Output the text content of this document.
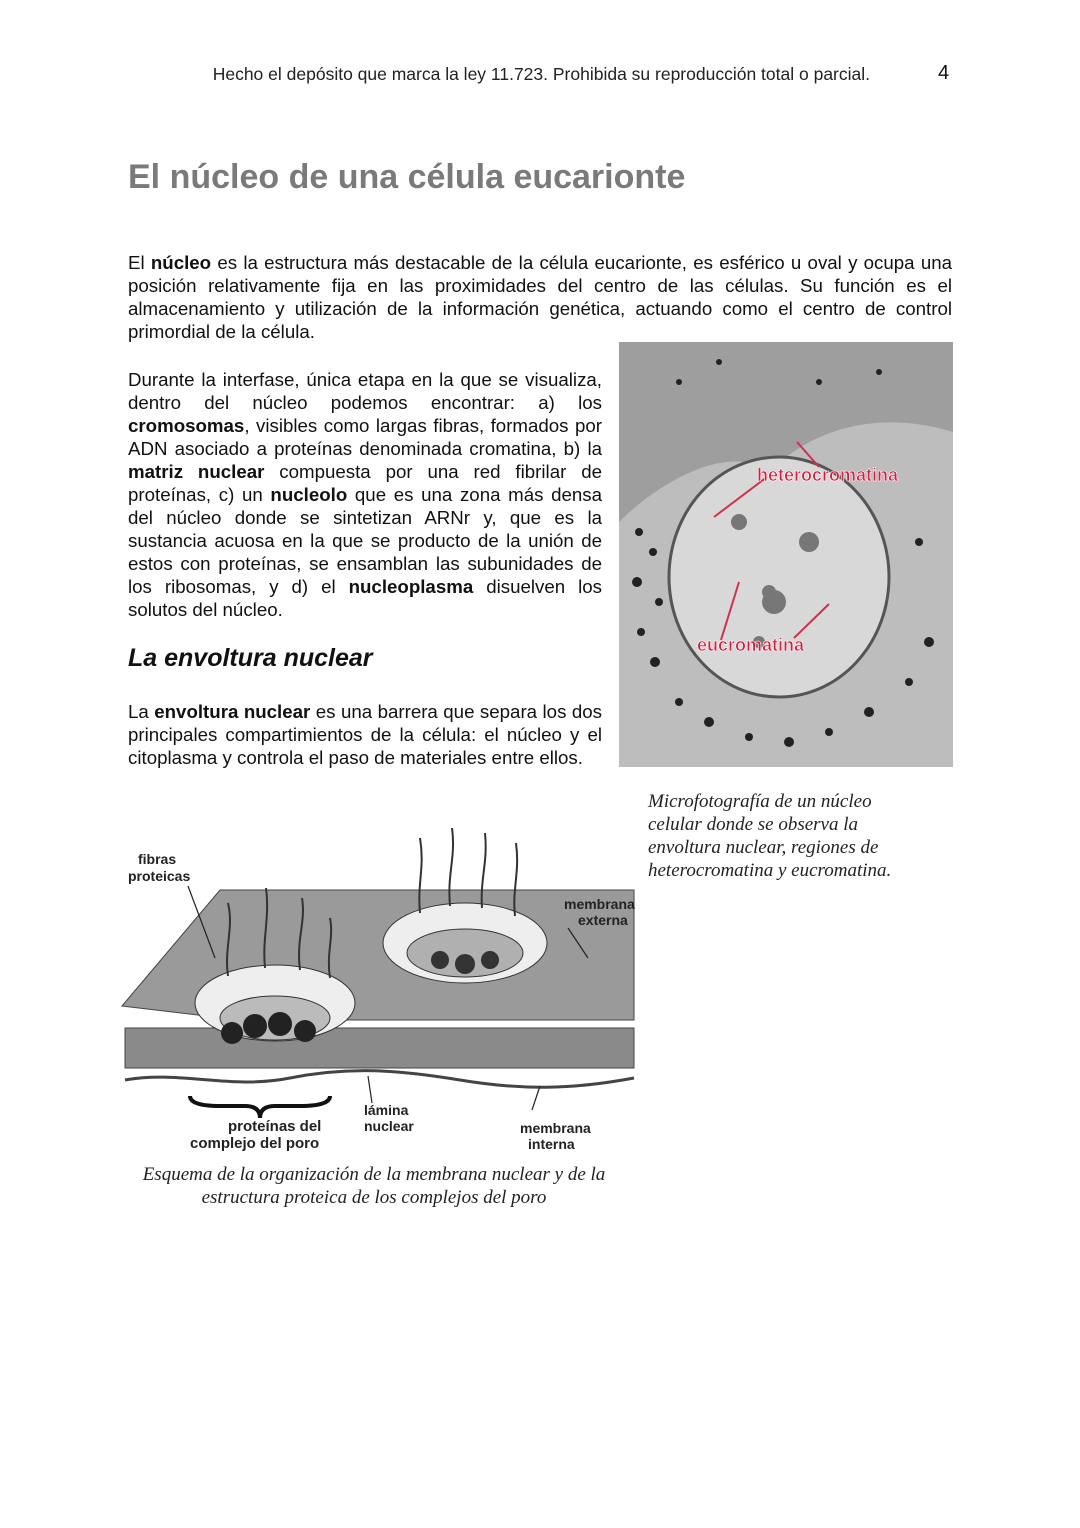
Hecho el depósito que marca la ley 11.723. Prohibida su reproducción total o parcial.	4
El núcleo de una célula eucarionte

El núcleo es la estructura más destacable de la célula eucarionte, es esférico u oval y ocupa una posición relativamente fija en las proximidades del centro de las células. Su función es el almacenamiento y utilización de la información genética, actuando como el centro de control primordial de la célula.

Durante la interfase, única etapa en la que se visualiza, dentro del núcleo podemos encontrar: a) los cromosomas, visibles como largas fibras, formados por ADN asociado a proteínas denominada cromatina, b) la matriz nuclear compuesta por una red fibrilar de proteínas, c) un nucleolo que es una zona más densa del núcleo donde se sintetizan ARNr y, que es la sustancia acuosa en la que se producto de la unión de estos con proteínas, se ensamblan las subunidades de los ribosomas, y d) el nucleoplasma disuelven los solutos del núcleo.

La envoltura nuclear

La envoltura nuclear es una barrera que separa los dos principales compartimientos de la célula: el núcleo y el citoplasma y controla el paso de materiales entre ellos.

heterocromatina
eucromatina

Microfotografía de un núcleo celular donde se observa la envoltura nuclear, regiones de heterocromatina y eucromatina.

fibras
proteicas
membrana
externa
proteínas del
complejo del poro
lámina
nuclear	membrana
interna

Esquema de la organización de la membrana nuclear y de la estructura proteica de los complejos del poro
